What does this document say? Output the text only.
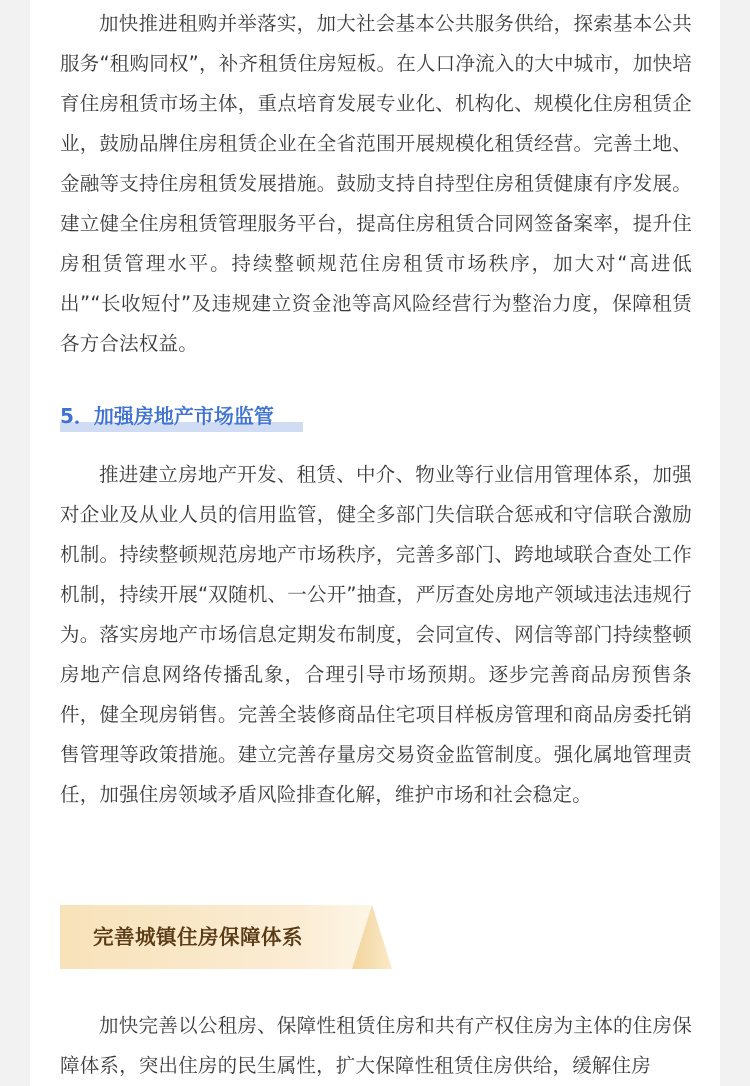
加快推进租购并举落实，加大社会基本公共服务供给，探索基本公共服务“租购同权”，补齐租赁住房短板。在人口净流入的大中城市，加快培育住房租赁市场主体，重点培育发展专业化、机构化、规模化住房租赁企业，鼓励品牌住房租赁企业在全省范围开展规模化租赁经营。完善土地、金融等支持住房租赁发展措施。鼓励支持自持型住房租赁健康有序发展。建立健全住房租赁管理服务平台，提高住房租赁合同网签备案率，提升住房租赁管理水平。持续整顿规范住房租赁市场秩序，加大对“高进低出”“长收短付”及违规建立资金池等高风险经营行为整治力度，保障租赁各方合法权益。

5．加强房地产市场监管

推进建立房地产开发、租赁、中介、物业等行业信用管理体系，加强对企业及从业人员的信用监管，健全多部门失信联合惩戒和守信联合激励机制。持续整顿规范房地产市场秩序，完善多部门、跨地域联合查处工作机制，持续开展“双随机、一公开”抽查，严厉查处房地产领域违法违规行为。落实房地产市场信息定期发布制度，会同宣传、网信等部门持续整顿房地产信息网络传播乱象，合理引导市场预期。逐步完善商品房预售条件，健全现房销售。完善全装修商品住宅项目样板房管理和商品房委托销售管理等政策措施。建立完善存量房交易资金监管制度。强化属地管理责任，加强住房领域矛盾风险排查化解，维护市场和社会稳定。

完善城镇住房保障体系

加快完善以公租房、保障性租赁住房和共有产权住房为主体的住房保障体系，突出住房的民生属性，扩大保障性租赁住房供给，缓解住房
